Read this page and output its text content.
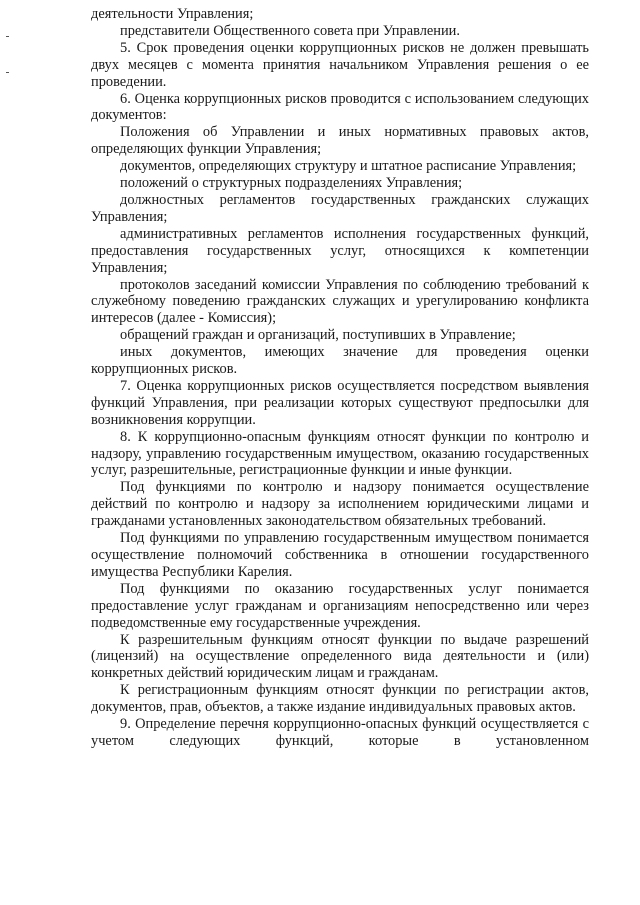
деятельности Управления;

представители Общественного совета при Управлении.

5. Срок проведения оценки коррупционных рисков не должен превышать двух месяцев с момента принятия начальником Управления решения о ее проведении.

6. Оценка коррупционных рисков проводится с использованием следующих документов:

Положения об Управлении и иных нормативных правовых актов, определяющих функции Управления;

документов, определяющих структуру и штатное расписание Управления;

положений о структурных подразделениях Управления;

должностных регламентов государственных гражданских служащих Управления;

административных регламентов исполнения государственных функций, предоставления государственных услуг, относящихся к компетенции Управления;

протоколов заседаний комиссии Управления по соблюдению требований к служебному поведению гражданских служащих и урегулированию конфликта интересов (далее - Комиссия);

обращений граждан и организаций, поступивших в Управление;

иных документов, имеющих значение для проведения оценки коррупционных рисков.

7. Оценка коррупционных рисков осуществляется посредством выявления функций Управления, при реализации которых существуют предпосылки для возникновения коррупции.

8. К коррупционно-опасным функциям относят функции по контролю и надзору, управлению государственным имуществом, оказанию государственных услуг, разрешительные, регистрационные функции и иные функции.

Под функциями по контролю и надзору понимается осуществление действий по контролю и надзору за исполнением юридическими лицами и гражданами установленных законодательством обязательных требований.

Под функциями по управлению государственным имуществом понимается осуществление полномочий собственника в отношении государственного имущества Республики Карелия.

Под функциями по оказанию государственных услуг понимается предоставление услуг гражданам и организациям непосредственно или через подведомственные ему государственные учреждения.

К разрешительным функциям относят функции по выдаче разрешений (лицензий) на осуществление определенного вида деятельности и (или) конкретных действий юридическим лицам и гражданам.

К регистрационным функциям относят функции по регистрации актов, документов, прав, объектов, а также издание индивидуальных правовых актов.

9. Определение перечня коррупционно-опасных функций осуществляется с учетом следующих функций, которые в установленном
